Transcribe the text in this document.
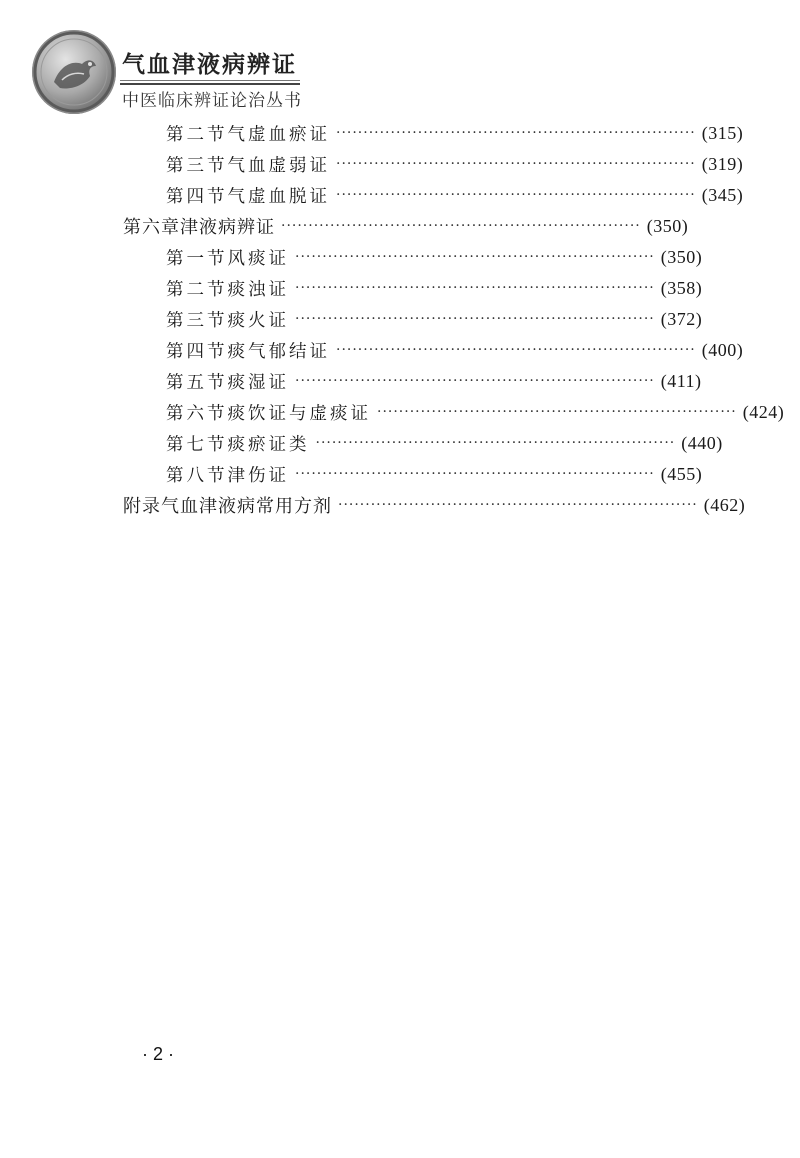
气血津液病辨证
中医临床辨证论治丛书
第二节 气虚血瘀证 ·································································· (315)
第三节 气血虚弱证 ·································································· (319)
第四节 气虚血脱证 ·································································· (345)
第六章 津液病辨证 ·································································· (350)
第一节 风痰证 ·································································· (350)
第二节 痰浊证 ·································································· (358)
第三节 痰火证 ·································································· (372)
第四节 痰气郁结证 ·································································· (400)
第五节 痰湿证 ·································································· (411)
第六节 痰饮证与虚痰证 ·································································· (424)
第七节 痰瘀证类 ·································································· (440)
第八节 津伤证 ·································································· (455)
附录 气血津液病常用方剂 ·································································· (462)
· 2 ·
